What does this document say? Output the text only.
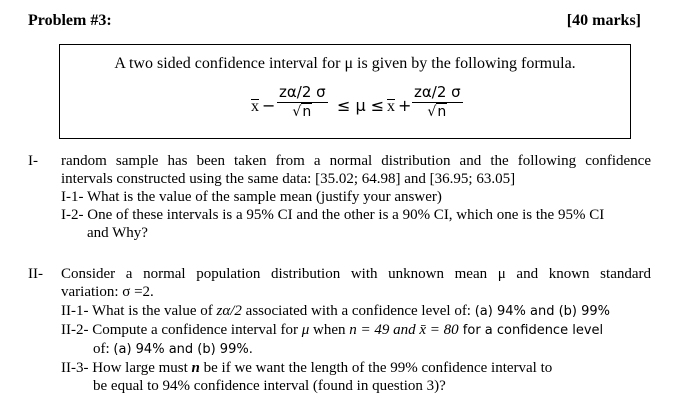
Problem #3:	[40 marks]
A two sided confidence interval for μ is given by the following formula.
x −
zα/2 σ
√n	≤ μ ≤ x +
zα/2 σ
√n
I- random sample has been taken from a normal distribution and the following confidence
intervals constructed using the same data: [35.02; 64.98] and [36.95; 63.05]
I-1- What is the value of the sample mean (justify your answer)
I-2- One of these intervals is a 95% CI and the other is a 90% CI, which one is the 95% CI
and Why?
II- Consider a normal population distribution with unknown mean μ and known standard
variation: σ =2.
II-1- What is the value of zα/2 associated with a confidence level of: (a) 94% and (b) 99%
II-2- Compute a confidence interval for μ when n = 49 and x̄ = 80 for a confidence level
of: (a) 94% and (b) 99%.
II-3- How large must n be if we want the length of the 99% confidence interval to
be equal to 94% confidence interval (found in question 3)?
